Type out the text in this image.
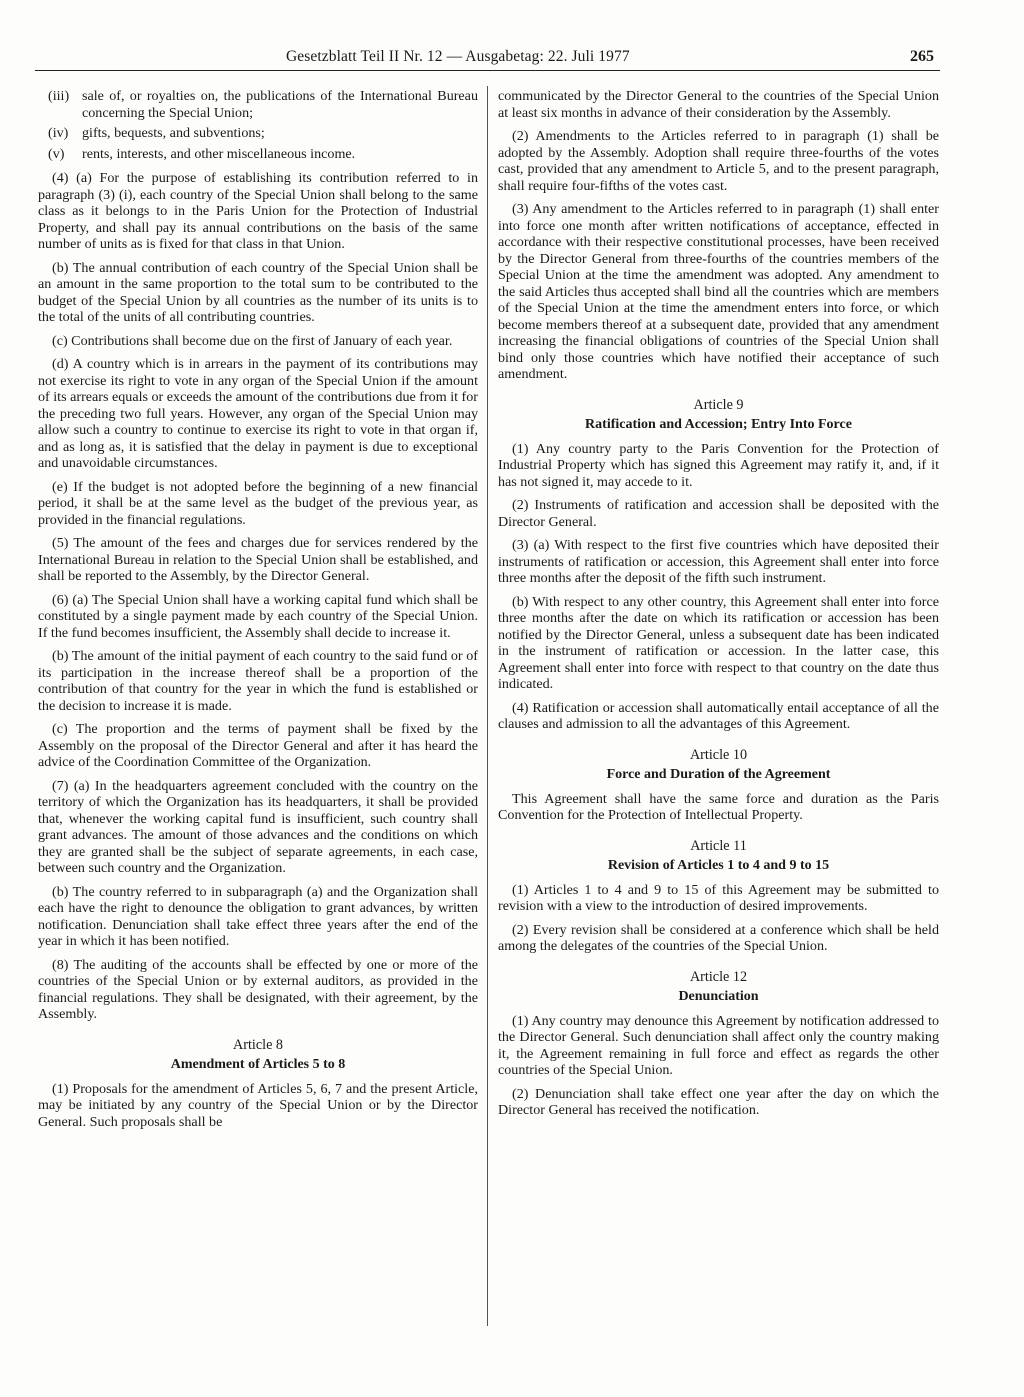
Gesetzblatt Teil II Nr. 12 — Ausgabetag: 22. Juli 1977	265
(iii) sale of, or royalties on, the publications of the International Bureau concerning the Special Union;
(iv) gifts, bequests, and subventions;
(v)	rents, interests, and other miscellaneous income.

(4) (a) For the purpose of establishing its contribution referred to in paragraph (3) (i), each country of the Special Union shall belong to the same class as it belongs to in the Paris Union for the Protection of Industrial Property, and shall pay its annual contributions on the basis of the same number of units as is fixed for that class in that Union.

(b) The annual contribution of each country of the Special Union shall be an amount in the same proportion to the total sum to be contributed to the budget of the Special Union by all countries as the number of its units is to the total of the units of all contributing countries.

(c) Contributions shall become due on the first of January of each year.

(d) A country which is in arrears in the payment of its contributions may not exercise its right to vote in any organ of the Special Union if the amount of its arrears equals or exceeds the amount of the contributions due from it for the preceding two full years. However, any organ of the Special Union may allow such a country to continue to exercise its right to vote in that organ if, and as long as, it is satisfied that the delay in payment is due to exceptional and unavoidable circumstances.

(e) If the budget is not adopted before the beginning of a new financial period, it shall be at the same level as the budget of the previous year, as provided in the financial regulations.

(5) The amount of the fees and charges due for services rendered by the International Bureau in relation to the Special Union shall be established, and shall be reported to the Assembly, by the Director General.

(6) (a) The Special Union shall have a working capital fund which shall be constituted by a single payment made by each country of the Special Union. If the fund becomes insufficient, the Assembly shall decide to increase it.

(b) The amount of the initial payment of each country to the said fund or of its participation in the increase thereof shall be a proportion of the contribution of that country for the year in which the fund is established or the decision to increase it is made.

(c) The proportion and the terms of payment shall be fixed by the Assembly on the proposal of the Director General and after it has heard the advice of the Coordination Committee of the Organization.

(7) (a) In the headquarters agreement concluded with the country on the territory of which the Organization has its headquarters, it shall be provided that, whenever the working capital fund is insufficient, such country shall grant advances. The amount of those advances and the conditions on which they are granted shall be the subject of separate agreements, in each case, between such country and the Organization.

(b) The country referred to in subparagraph (a) and the Organization shall each have the right to denounce the obligation to grant advances, by written notification. Denunciation shall take effect three years after the end of the year in which it has been notified.

(8) The auditing of the accounts shall be effected by one or more of the countries of the Special Union or by external auditors, as provided in the financial regulations. They shall be designated, with their agreement, by the Assembly.

Article 8
Amendment of Articles 5 to 8

(1) Proposals for the amendment of Articles 5, 6, 7 and the present Article, may be initiated by any country of the Special Union or by the Director General. Such proposals shall be

communicated by the Director General to the countries of the Special Union at least six months in advance of their consideration by the Assembly.

(2) Amendments to the Articles referred to in paragraph (1) shall be adopted by the Assembly. Adoption shall require three-fourths of the votes cast, provided that any amendment to Article 5, and to the present paragraph, shall require four-fifths of the votes cast.

(3) Any amendment to the Articles referred to in paragraph (1) shall enter into force one month after written notifications of acceptance, effected in accordance with their respective constitutional processes, have been received by the Director General from three-fourths of the countries members of the Special Union at the time the amendment was adopted. Any amendment to the said Articles thus accepted shall bind all the countries which are members of the Special Union at the time the amendment enters into force, or which become members thereof at a subsequent date, provided that any amendment increasing the financial obligations of countries of the Special Union shall bind only those countries which have notified their acceptance of such amendment.

Article 9
Ratification and Accession; Entry Into Force

(1) Any country party to the Paris Convention for the Protection of Industrial Property which has signed this Agreement may ratify it, and, if it has not signed it, may accede to it.

(2) Instruments of ratification and accession shall be deposited with the Director General.

(3) (a) With respect to the first five countries which have deposited their instruments of ratification or accession, this Agreement shall enter into force three months after the deposit of the fifth such instrument.

(b) With respect to any other country, this Agreement shall enter into force three months after the date on which its ratification or accession has been notified by the Director General, unless a subsequent date has been indicated in the instrument of ratification or accession. In the latter case, this Agreement shall enter into force with respect to that country on the date thus indicated.

(4) Ratification or accession shall automatically entail acceptance of all the clauses and admission to all the advantages of this Agreement.

Article 10
Force and Duration of the Agreement

This Agreement shall have the same force and duration as the Paris Convention for the Protection of Intellectual Property.

Article 11
Revision of Articles 1 to 4 and 9 to 15

(1) Articles 1 to 4 and 9 to 15 of this Agreement may be submitted to revision with a view to the introduction of desired improvements.

(2) Every revision shall be considered at a conference which shall be held among the delegates of the countries of the Special Union.

Article 12
Denunciation

(1) Any country may denounce this Agreement by notification addressed to the Director General. Such denunciation shall affect only the country making it, the Agreement remaining in full force and effect as regards the other countries of the Special Union.

(2) Denunciation shall take effect one year after the day on which the Director General has received the notification.
